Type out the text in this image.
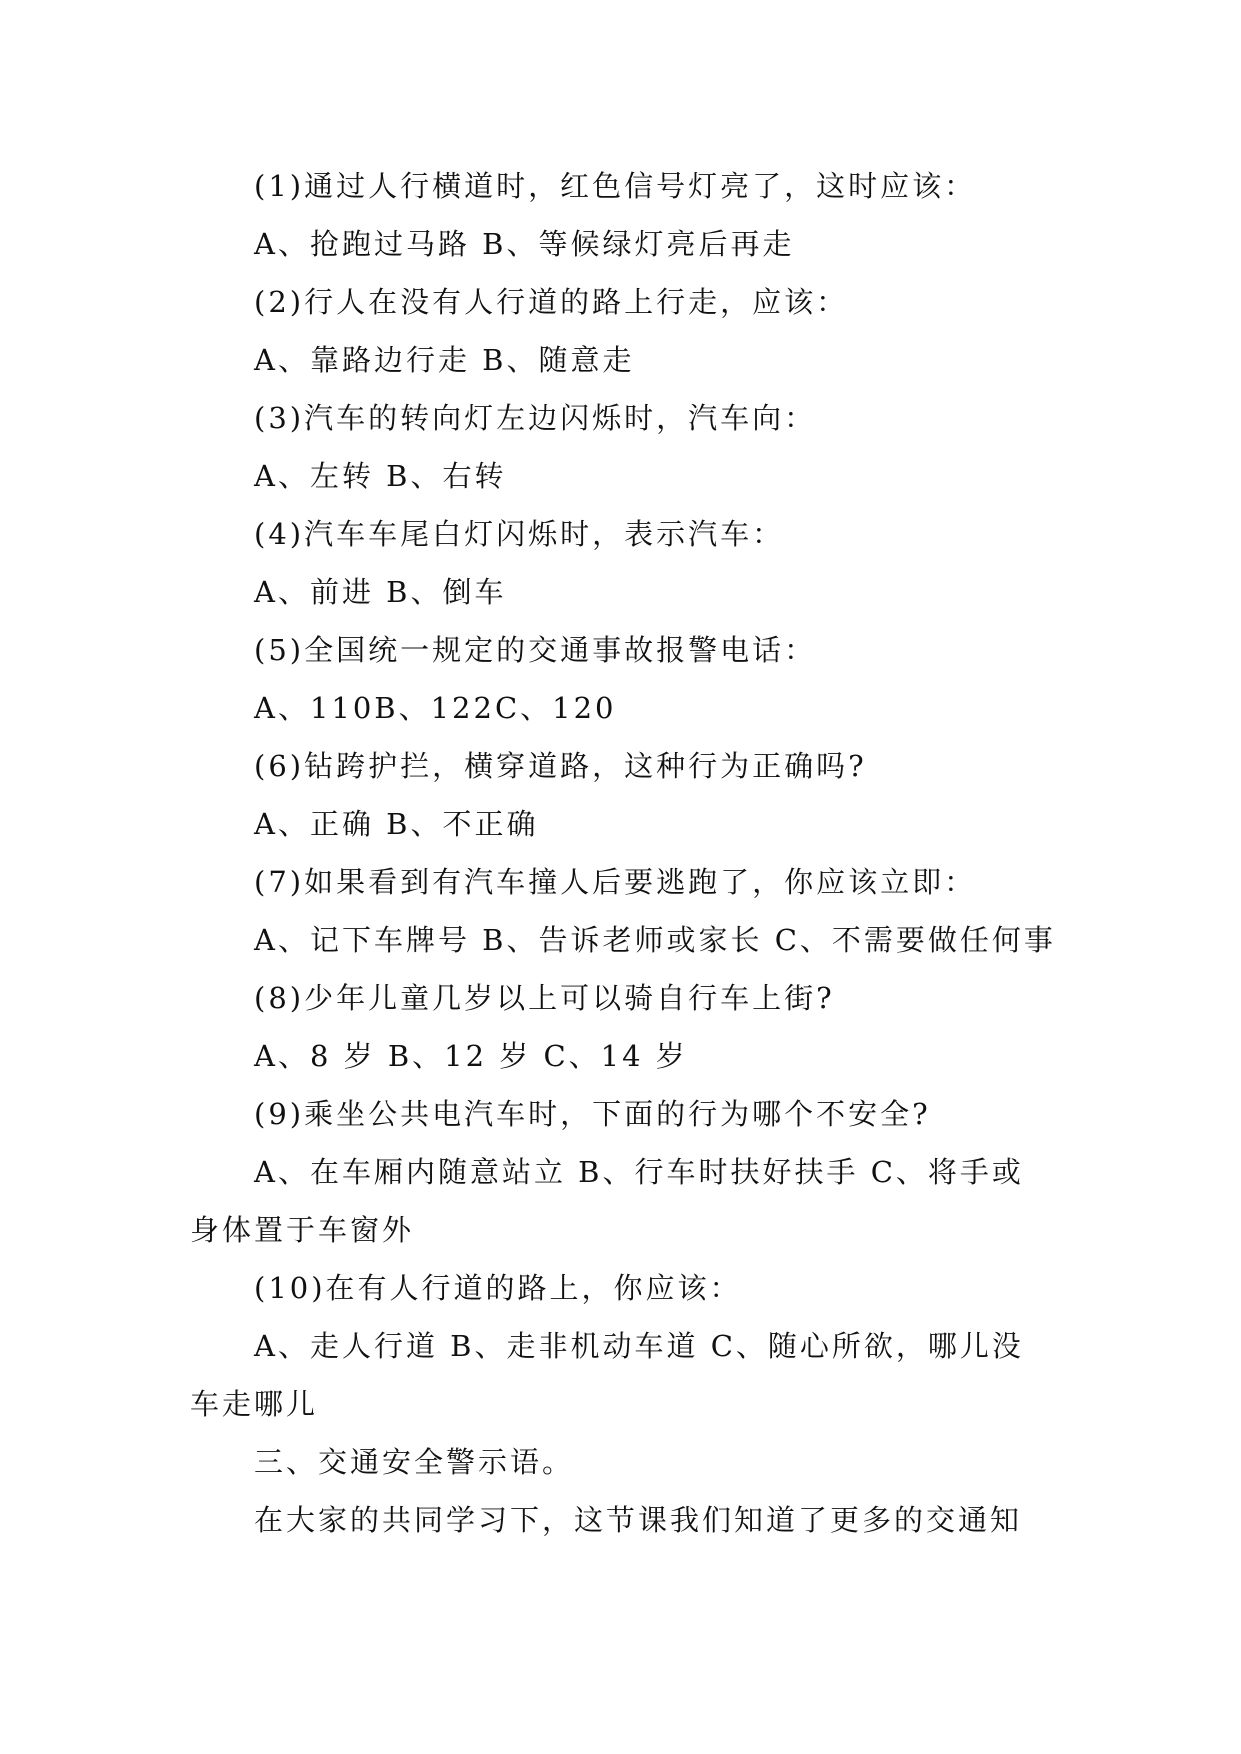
(1)通过人行横道时，红色信号灯亮了，这时应该：
A、抢跑过马路 B、等候绿灯亮后再走
(2)行人在没有人行道的路上行走，应该：
A、靠路边行走 B、随意走
(3)汽车的转向灯左边闪烁时，汽车向：
A、左转 B、右转
(4)汽车车尾白灯闪烁时，表示汽车：
A、前进 B、倒车
(5)全国统一规定的交通事故报警电话：
A、110B、122C、120
(6)钻跨护拦，横穿道路，这种行为正确吗?
A、正确 B、不正确
(7)如果看到有汽车撞人后要逃跑了，你应该立即：
A、记下车牌号 B、告诉老师或家长 C、不需要做任何事
(8)少年儿童几岁以上可以骑自行车上街?
A、8 岁 B、12 岁 C、14 岁
(9)乘坐公共电汽车时，下面的行为哪个不安全?
A、在车厢内随意站立 B、行车时扶好扶手 C、将手或身体置于车窗外
(10)在有人行道的路上，你应该：
A、走人行道 B、走非机动车道 C、随心所欲，哪儿没车走哪儿
三、交通安全警示语。
在大家的共同学习下，这节课我们知道了更多的交通知
